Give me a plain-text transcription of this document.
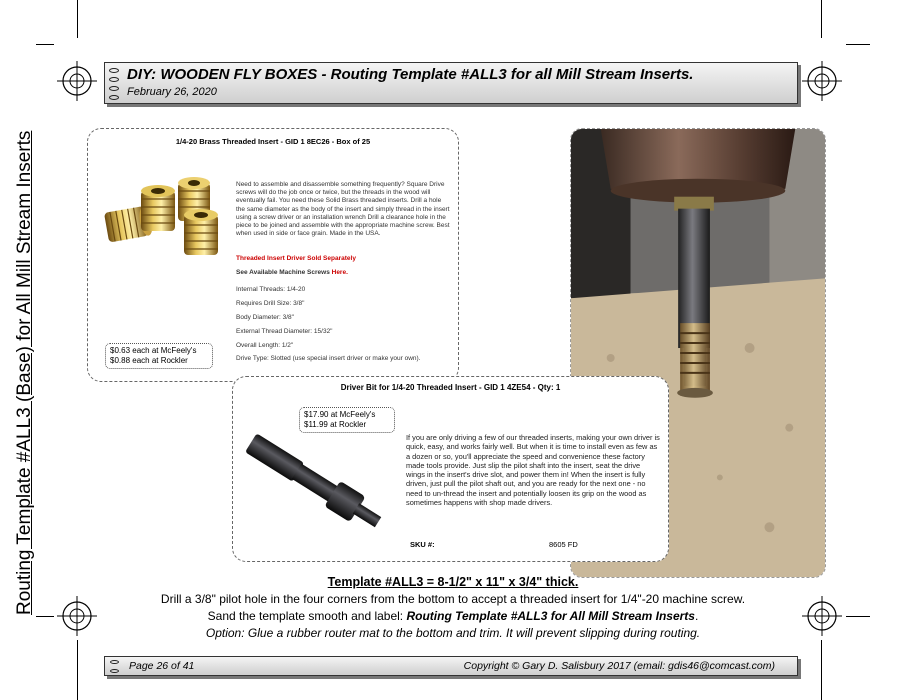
Routing Template #ALL3 (Base) for All Mill Stream Inserts
DIY: WOODEN FLY BOXES - Routing Template #ALL3 for all Mill Stream Inserts.
February 26, 2020
1/4-20 Brass Threaded Insert - GID 1 8EC26 - Box of 25
Need to assemble and disassemble something frequently? Square Drive screws will do the job once or twice, but the threads in the wood will eventually fail. You need these Solid Brass threaded inserts. Drill a hole the same diameter as the body of the insert and simply thread in the insert using a screw driver or an installation wrench Drill a clearance hole in the piece to be joined and assemble with the appropriate machine screw. Best when used in side or face grain. Made in the USA.
Threaded Insert Driver Sold Separately
See Available Machine Screws Here.
Internal Threads: 1/4-20
Requires Drill Size: 3/8"
Body Diameter: 3/8"
External Thread Diameter: 15/32"
Overall Length: 1/2"
Drive Type: Slotted (use special insert driver or make your own).
$0.63 each at McFeely's
$0.88 each at Rockler
Driver Bit for 1/4-20 Threaded Insert - GID 1 4ZE54 - Qty: 1
$17.90 at McFeely's
$11.99 at Rockler
If you are only driving a few of our threaded inserts, making your own driver is quick, easy, and works fairly well. But when it is time to install even as few as a dozen or so, you'll appreciate the speed and convenience these factory made tools provide. Just slip the pilot shaft into the insert, seat the drive wings in the insert's drive slot, and power them in! When the insert is fully driven, just pull the pilot shaft out, and you are ready for the next one - no need to un-thread the insert and potentially loosen its grip on the wood as sometimes happens with shop made drivers.
SKU #:	8605 FD
Template #ALL3 = 8-1/2" x 11" x 3/4" thick.
Drill a 3/8" pilot hole in the four corners from the bottom to accept a threaded insert for 1/4"-20 machine screw.
Sand the template smooth and label: Routing Template #ALL3 for All Mill Stream Inserts.
Option: Glue a rubber router mat to the bottom and trim. It will prevent slipping during routing.
Page 26 of 41	Copyright © Gary D. Salisbury 2017 (email: gdis46@comcast.com)
